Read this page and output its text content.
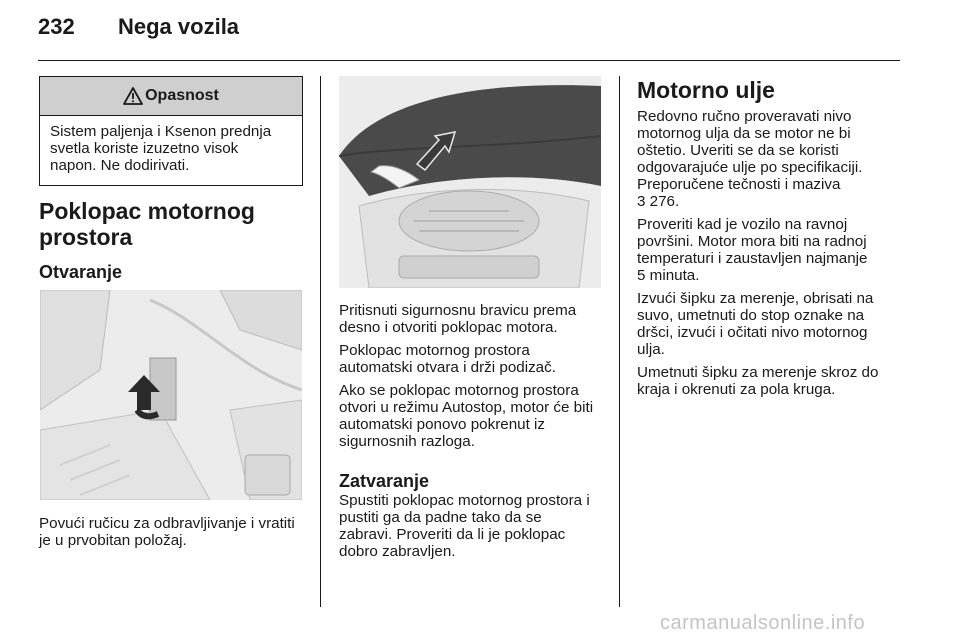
232 Nega vozila
Opasnost
Sistem paljenja i Ksenon prednja
svetla koriste izuzetno visok
napon. Ne dodirivati.
Poklopac motornog
prostora
Otvaranje
Povući ručicu za odbravljivanje i vratiti
je u prvobitan položaj.

Pritisnuti sigurnosnu bravicu prema
desno i otvoriti poklopac motora.

Poklopac motornog prostora
automatski otvara i drži podizač.

Ako se poklopac motornog prostora
otvori u režimu Autostop, motor će biti
automatski ponovo pokrenut iz
sigurnosnih razloga.

Zatvaranje
Spustiti poklopac motornog prostora i
pustiti ga da padne tako da se
zabravi. Proveriti da li je poklopac
dobro zabravljen.
Motorno ulje

Redovno ručno proveravati nivo
motornog ulja da se motor ne bi
oštetio. Uveriti se da se koristi
odgovarajuće ulje po specifikaciji.
Preporučene tečnosti i maziva
3 276.

Proveriti kad je vozilo na ravnoj
površini. Motor mora biti na radnoj
temperaturi i zaustavljen najmanje
5 minuta.

Izvući šipku za merenje, obrisati na
suvo, umetnuti do stop oznake na
dršci, izvući i očitati nivo motornog
ulja.

Umetnuti šipku za merenje skroz do
kraja i okrenuti za pola kruga.

carmanualsonline.info
